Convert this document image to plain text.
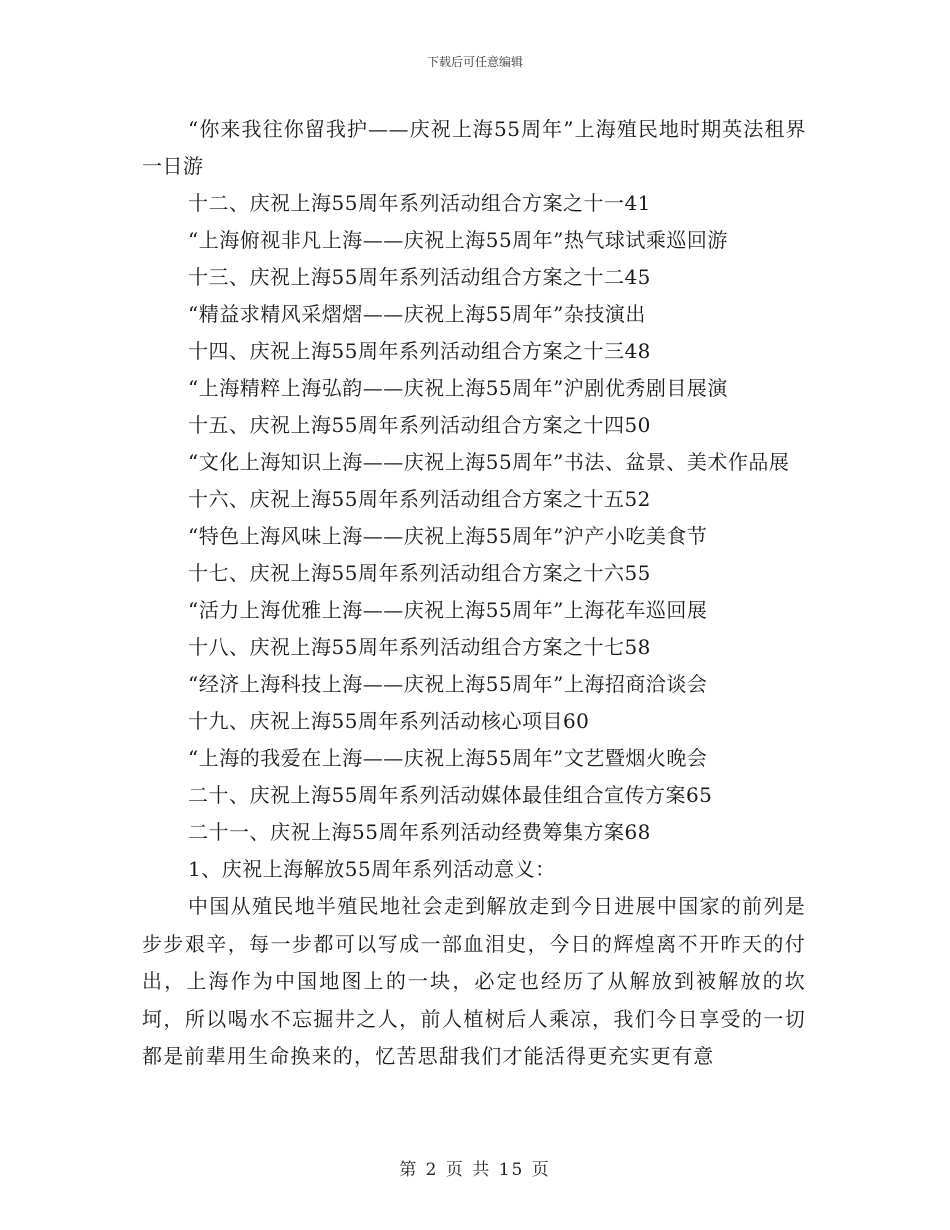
下载后可任意编辑

“你来我往你留我护——庆祝上海55周年”上海殖民地时期英法租界一日游

十二、庆祝上海55周年系列活动组合方案之十一41

“上海俯视非凡上海——庆祝上海55周年”热气球试乘巡回游

十三、庆祝上海55周年系列活动组合方案之十二45

“精益求精风采熠熠——庆祝上海55周年”杂技演出

十四、庆祝上海55周年系列活动组合方案之十三48

“上海精粹上海弘韵——庆祝上海55周年”沪剧优秀剧目展演

十五、庆祝上海55周年系列活动组合方案之十四50

“文化上海知识上海——庆祝上海55周年”书法、盆景、美术作品展

十六、庆祝上海55周年系列活动组合方案之十五52

“特色上海风味上海——庆祝上海55周年”沪产小吃美食节

十七、庆祝上海55周年系列活动组合方案之十六55

“活力上海优雅上海——庆祝上海55周年”上海花车巡回展

十八、庆祝上海55周年系列活动组合方案之十七58

“经济上海科技上海——庆祝上海55周年”上海招商洽谈会

十九、庆祝上海55周年系列活动核心项目60

“上海的我爱在上海——庆祝上海55周年”文艺暨烟火晚会

二十、庆祝上海55周年系列活动媒体最佳组合宣传方案65

二十一、庆祝上海55周年系列活动经费筹集方案68

1、庆祝上海解放55周年系列活动意义：

中国从殖民地半殖民地社会走到解放走到今日进展中国家的前列是步步艰辛，每一步都可以写成一部血泪史，今日的辉煌离不开昨天的付出，上海作为中国地图上的一块，必定也经历了从解放到被解放的坎坷，所以喝水不忘掘井之人，前人植树后人乘凉，我们今日享受的一切都是前辈用生命换来的，忆苦思甜我们才能活得更充实更有意

第 2 页 共 15 页
